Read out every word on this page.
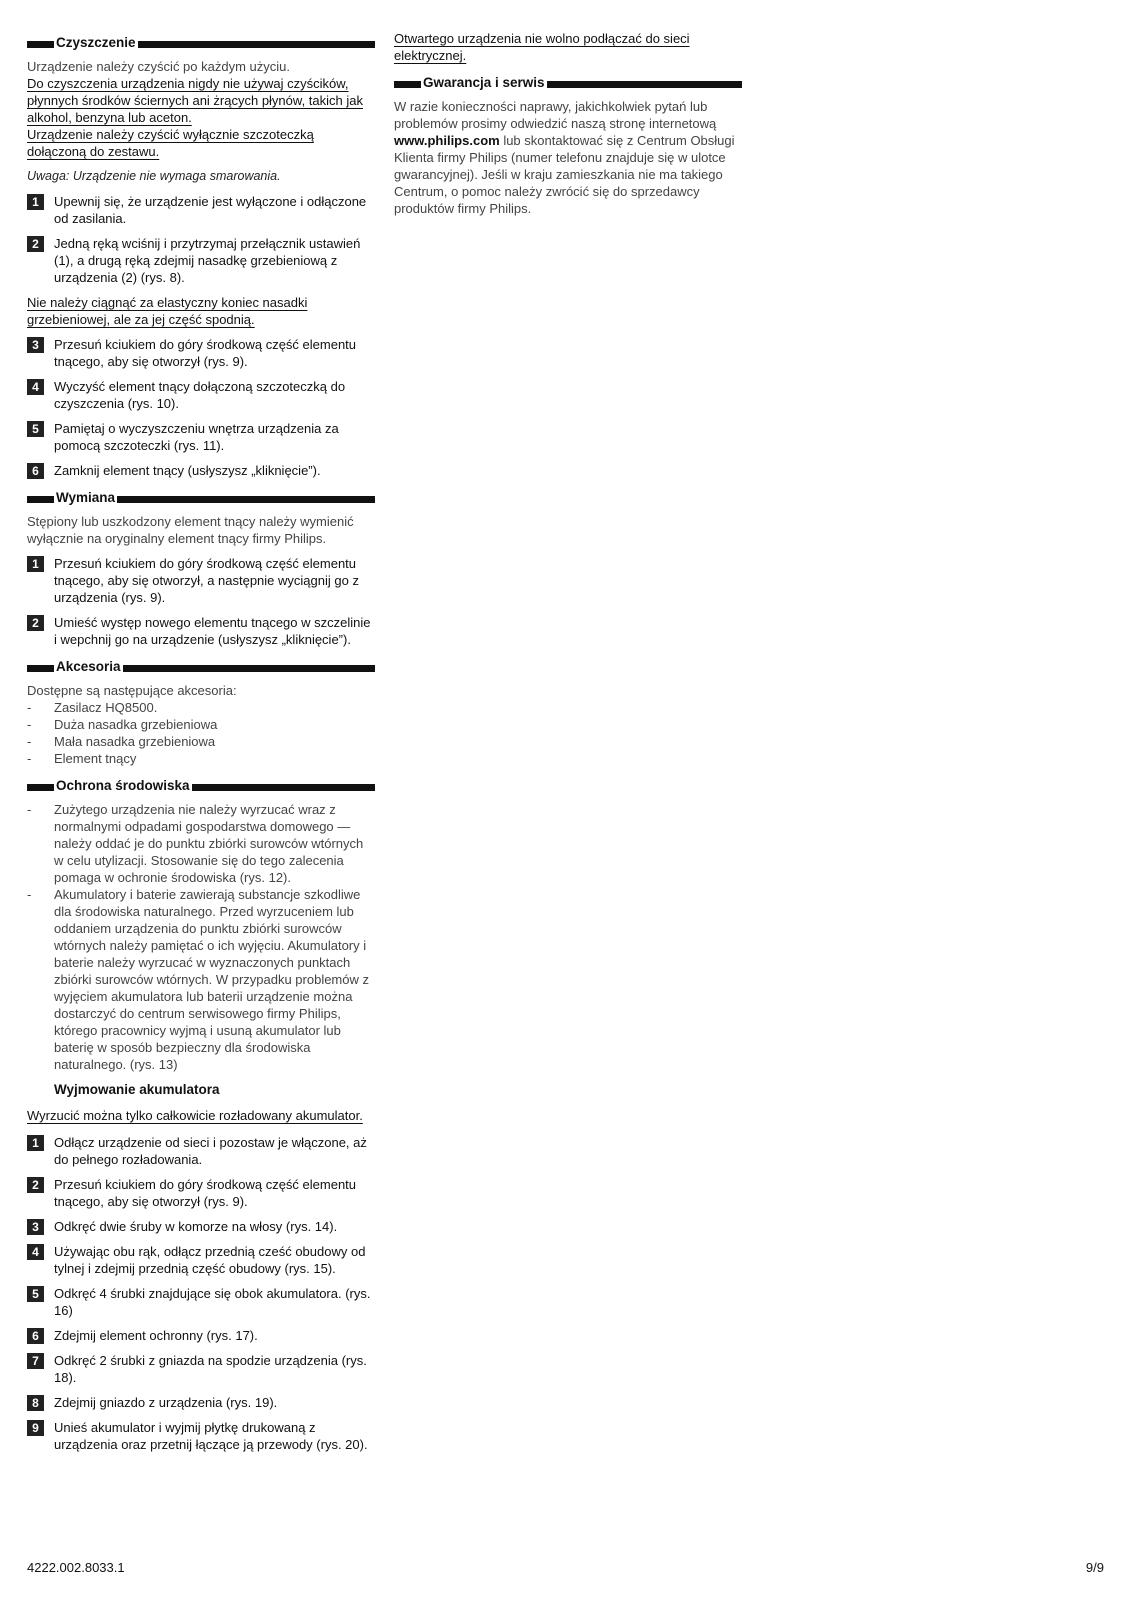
Czyszczenie

Urządzenie należy czyścić po każdym użyciu.

Do czyszczenia urządzenia nigdy nie używaj czyścików, płynnych środków ściernych ani żrących płynów, takich jak alkohol, benzyna lub aceton.

Urządzenie należy czyścić wyłącznie szczoteczką dołączoną do zestawu.

Uwaga: Urządzenie nie wymaga smarowania.

1	Upewnij się, że urządzenie jest wyłączone i odłączone od zasilania.
2	Jedną ręką wciśnij i przytrzymaj przełącznik ustawień (1), a drugą ręką zdejmij nasadkę grzebieniową z urządzenia (2) (rys. 8).

Nie należy ciągnąć za elastyczny koniec nasadki grzebieniowej, ale za jej część spodnią.

3	Przesuń kciukiem do góry środkową część elementu tnącego, aby się otworzył (rys. 9).
4	Wyczyść element tnący dołączoną szczoteczką do czyszczenia (rys. 10).
5	Pamiętaj o wyczyszczeniu wnętrza urządzenia za pomocą szczoteczki (rys. 11).
6	Zamknij element tnący (usłyszysz „kliknięcie”).
Wymiana

Stępiony lub uszkodzony element tnący należy wymienić wyłącznie na oryginalny element tnący firmy Philips.

1	Przesuń kciukiem do góry środkową część elementu tnącego, aby się otworzył, a następnie wyciągnij go z urządzenia (rys. 9).
2	Umieść występ nowego elementu tnącego w szczelinie i wepchnij go na urządzenie (usłyszysz „kliknięcie”).
Akcesoria

Dostępne są następujące akcesoria:

-	Zasilacz HQ8500.
-	Duża nasadka grzebieniowa
-	Mała nasadka grzebieniowa
-	Element tnący
Ochrona środowiska
-	Zużytego urządzenia nie należy wyrzucać wraz z normalnymi odpadami gospodarstwa domowego — należy oddać je do punktu zbiórki surowców wtórnych w celu utylizacji. Stosowanie się do tego zalecenia pomaga w ochronie środowiska (rys. 12).
-	Akumulatory i baterie zawierają substancje szkodliwe dla środowiska naturalnego. Przed wyrzuceniem lub oddaniem urządzenia do punktu zbiórki surowców wtórnych należy pamiętać o ich wyjęciu. Akumulatory i baterie należy wyrzucać w wyznaczonych punktach zbiórki surowców wtórnych. W przypadku problemów z wyjęciem akumulatora lub baterii urządzenie można dostarczyć do centrum serwisowego firmy Philips, którego pracownicy wyjmą i usuną akumulator lub baterię w sposób bezpieczny dla środowiska naturalnego. (rys. 13)
Wyjmowanie akumulatora

Wyrzucić można tylko całkowicie rozładowany akumulator.

1	Odłącz urządzenie od sieci i pozostaw je włączone, aż do pełnego rozładowania.
2	Przesuń kciukiem do góry środkową część elementu tnącego, aby się otworzył (rys. 9).
3	Odkręć dwie śruby w komorze na włosy (rys. 14).
4	Używając obu rąk, odłącz przednią cześć obudowy od tylnej i zdejmij przednią część obudowy (rys. 15).
5	Odkręć 4 śrubki znajdujące się obok akumulatora. (rys. 16)
6	Zdejmij element ochronny (rys. 17).
7	Odkręć 2 śrubki z gniazda na spodzie urządzenia (rys. 18).
8	Zdejmij gniazdo z urządzenia (rys. 19).
9	Unieś akumulator i wyjmij płytkę drukowaną z urządzenia oraz przetnij łączące ją przewody (rys. 20).

Otwartego urządzenia nie wolno podłączać do sieci elektrycznej.

Gwarancja i serwis

W razie konieczności naprawy, jakichkolwiek pytań lub problemów prosimy odwiedzić naszą stronę internetową www.philips.com lub skontaktować się z Centrum Obsługi Klienta firmy Philips (numer telefonu znajduje się w ulotce gwarancyjnej). Jeśli w kraju zamieszkania nie ma takiego Centrum, o pomoc należy zwrócić się do sprzedawcy produktów firmy Philips.

4222.002.8033.1	9/9
